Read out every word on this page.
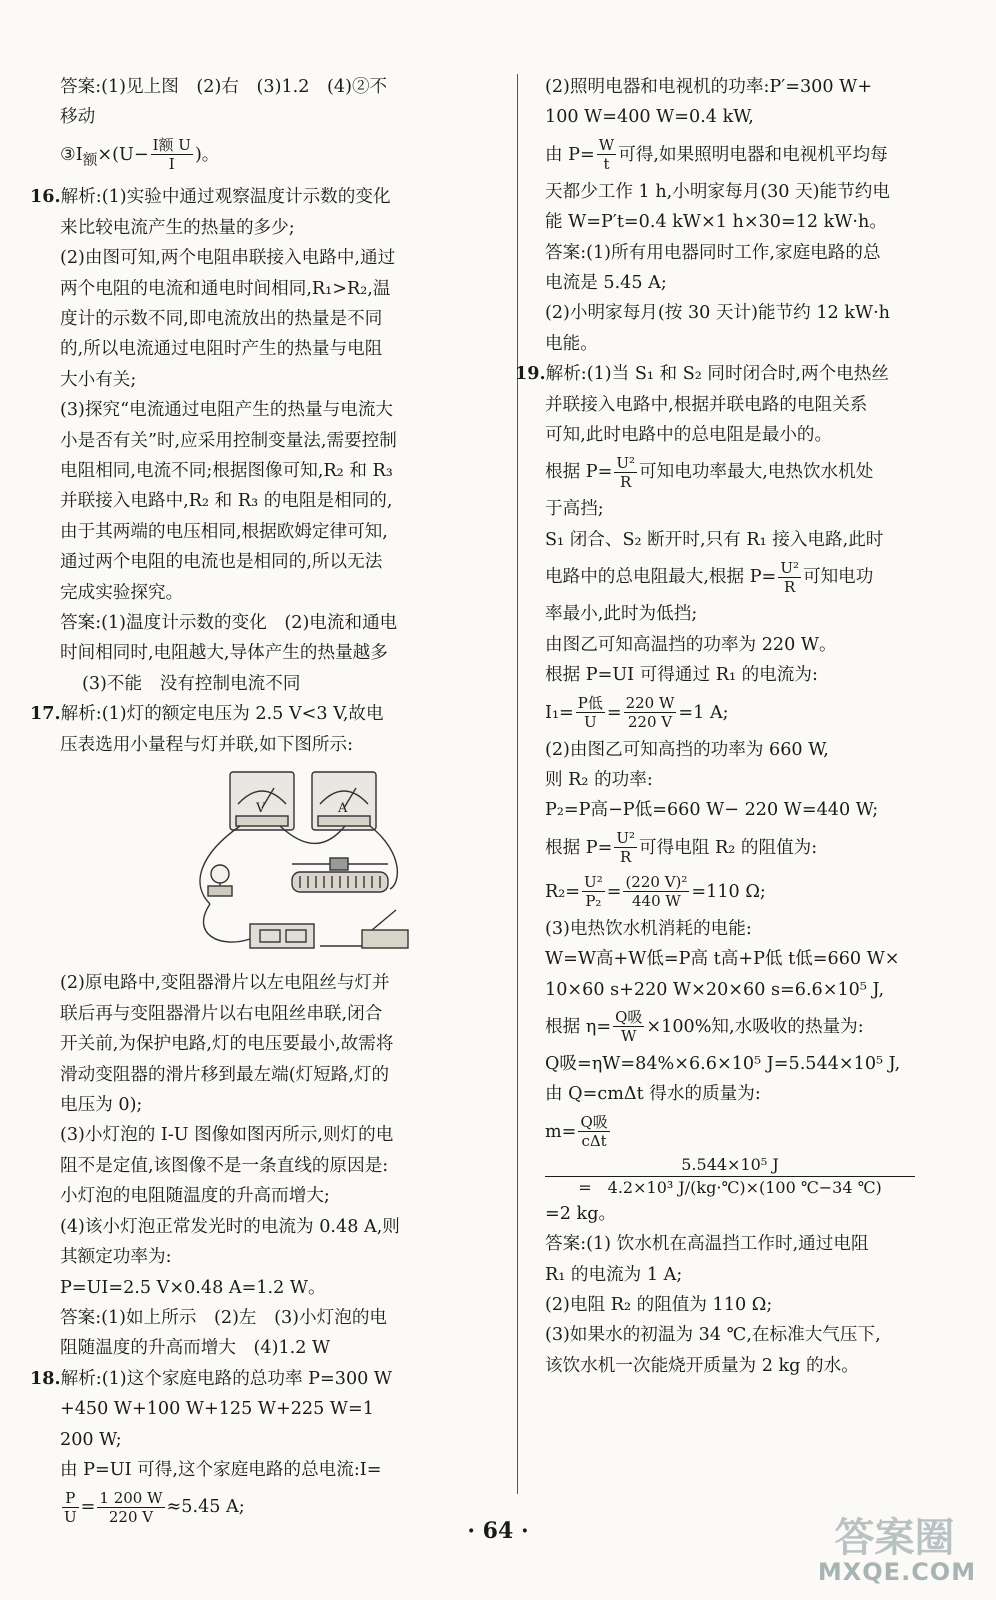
答案:(1)见上图　(2)右　(3)1.2　(4)②不
移动
$③I_额\times(U- \frac{\text{I额 U}}{I}$ )。
16.解析:(1)实验中通过观察温度计示数的变化
来比较电流产生的热量的多少;
(2)由图可知,两个电阻串联接入电路中,通过
两个电阻的电流和通电时间相同,R₁>R₂,温
度计的示数不同,即电流放出的热量是不同
的,所以电流通过电阻时产生的热量与电阻
大小有关;
(3)探究“电流通过电阻产生的热量与电流大
小是否有关”时,应采用控制变量法,需要控制
电阻相同,电流不同;根据图像可知,R₂ 和 R₃
并联接入电路中,R₂ 和 R₃ 的电阻是相同的,
由于其两端的电压相同,根据欧姆定律可知,
通过两个电阻的电流也是相同的,所以无法
完成实验探究。
答案:(1)温度计示数的变化　(2)电流和通电
时间相同时,电阻越大,导体产生的热量越多
(3)不能　没有控制电流不同
17.解析:(1)灯的额定电压为 2.5 V<3 V,故电
压表选用小量程与灯并联,如下图所示:
V	A
(2)原电路中,变阻器滑片以左电阻丝与灯并
联后再与变阻器滑片以右电阻丝串联,闭合
开关前,为保护电路,灯的电压要最小,故需将
滑动变阻器的滑片移到最左端(灯短路,灯的
电压为 0);
(3)小灯泡的 I-U 图像如图丙所示,则灯的电
阻不是定值,该图像不是一条直线的原因是:
小灯泡的电阻随温度的升高而增大;
(4)该小灯泡正常发光时的电流为 0.48 A,则
其额定功率为:
P=UI=2.5 V×0.48 A=1.2 W。
答案:(1)如上所示　(2)左　(3)小灯泡的电
阻随温度的升高而增大　(4)1.2 W
18.解析:(1)这个家庭电路的总功率 P=300 W
+450 W+100 W+125 W+225 W=1
200 W;
由 P=UI 可得,这个家庭电路的总电流:I=
$\frac{P}{U} = \frac{1 200 W}{220 V} \approx 5.45$ A;
(2)照明电器和电视机的功率:P′=300 W+
100 W=400 W=0.4 kW,
由 $P= \frac{W}{t}$ 可得,如果照明电器和电视机平均每
天都少工作 1 h,小明家每月(30 天)能节约电
能 W=P′t=0.4 kW×1 h×30=12 kW·h。
答案:(1)所有用电器同时工作,家庭电路的总
电流是 5.45 A;
(2)小明家每月(按 30 天计)能节约 12 kW·h
电能。
19.解析:(1)当 S₁ 和 S₂ 同时闭合时,两个电热丝
并联接入电路中,根据并联电路的电阻关系
可知,此时电路中的总电阻是最小的。
根据 $P= \frac{\text{U²}}{R}$ 可知电功率最大,电热饮水机处
于高挡;
S₁ 闭合、S₂ 断开时,只有 R₁ 接入电路,此时
电路中的总电阻最大,根据 $P= \frac{\text{U²}}{R}$ 可知电功
率最小,此时为低挡;
由图乙可知高温挡的功率为 220 W。
根据 P=UI 可得通过 R₁ 的电流为:
$I_1= \frac{\text{P低}}{U} = \frac{220 W}{220 V} =1$ A;
(2)由图乙可知高挡的功率为 660 W,
则 R₂ 的功率:
P₂=P高−P低=660 W− 220 W=440 W;
根据 $P= \frac{\text{U²}}{R}$ 可得电阻 R₂ 的阻值为:
$R_2= \frac{\text{U²}}{\text{P₂}} = \frac{\text{(220 V)²}}{440 W} =110$ Ω;
(3)电热饮水机消耗的电能:
W=W高+W低=P高 t高+P低 t低=660 W×
10×60 s+220 W×20×60 s=6.6×10⁵ J,
根据 $\eta= \frac{\text{Q吸}}{W} \times 100\%$知,水吸收的热量为:
Q吸=ηW=84%×6.6×10⁵ J=5.544×10⁵ J,
由 Q=cmΔt 得水的质量为:
$m= \frac{\text{Q吸}}{\text{cΔt}}$
5.544×10⁵ J
=　4.2×10³ J/(kg·℃)×(100 ℃−34 ℃)
=2 kg。
答案:(1) 饮水机在高温挡工作时,通过电阻
R₁ 的电流为 1 A;
(2)电阻 R₂ 的阻值为 110 Ω;
(3)如果水的初温为 34 ℃,在标准大气压下,
该饮水机一次能烧开质量为 2 kg 的水。
· 64 ·	答案圈
MXQE.COM
